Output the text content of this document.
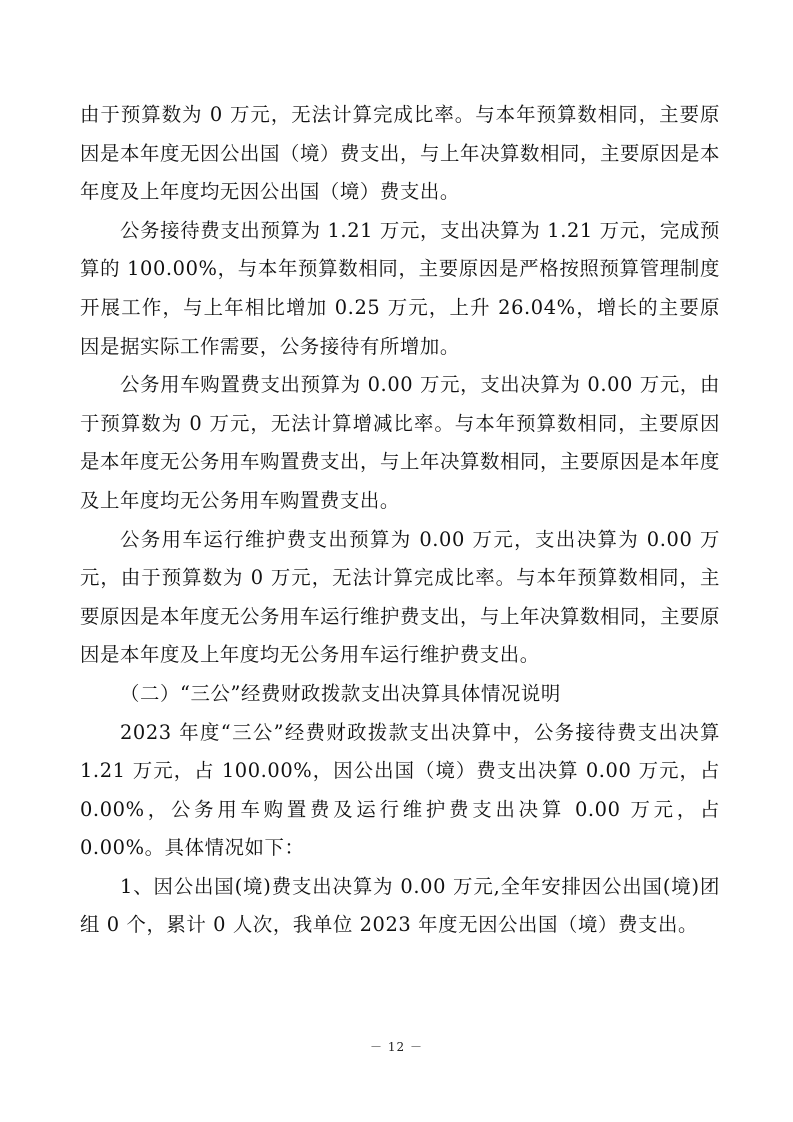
由于预算数为 0 万元，无法计算完成比率。与本年预算数相同，主要原因是本年度无因公出国（境）费支出，与上年决算数相同，主要原因是本年度及上年度均无因公出国（境）费支出。

公务接待费支出预算为 1.21 万元，支出决算为 1.21 万元，完成预算的 100.00%，与本年预算数相同，主要原因是严格按照预算管理制度开展工作，与上年相比增加 0.25 万元，上升 26.04%，增长的主要原因是据实际工作需要，公务接待有所增加。

公务用车购置费支出预算为 0.00 万元，支出决算为 0.00 万元，由于预算数为 0 万元，无法计算增减比率。与本年预算数相同，主要原因是本年度无公务用车购置费支出，与上年决算数相同，主要原因是本年度及上年度均无公务用车购置费支出。

公务用车运行维护费支出预算为 0.00 万元，支出决算为 0.00 万元，由于预算数为 0 万元，无法计算完成比率。与本年预算数相同，主要原因是本年度无公务用车运行维护费支出，与上年决算数相同，主要原因是本年度及上年度均无公务用车运行维护费支出。

（二）“三公”经费财政拨款支出决算具体情况说明

2023 年度“三公”经费财政拨款支出决算中，公务接待费支出决算 1.21 万元，占 100.00%，因公出国（境）费支出决算 0.00 万元，占 0.00%，公务用车购置费及运行维护费支出决算 0.00 万元，占 0.00%。具体情况如下：

1、因公出国(境)费支出决算为 0.00 万元,全年安排因公出国(境)团组 0 个，累计 0 人次，我单位 2023 年度无因公出国（境）费支出。

－ 12 －
